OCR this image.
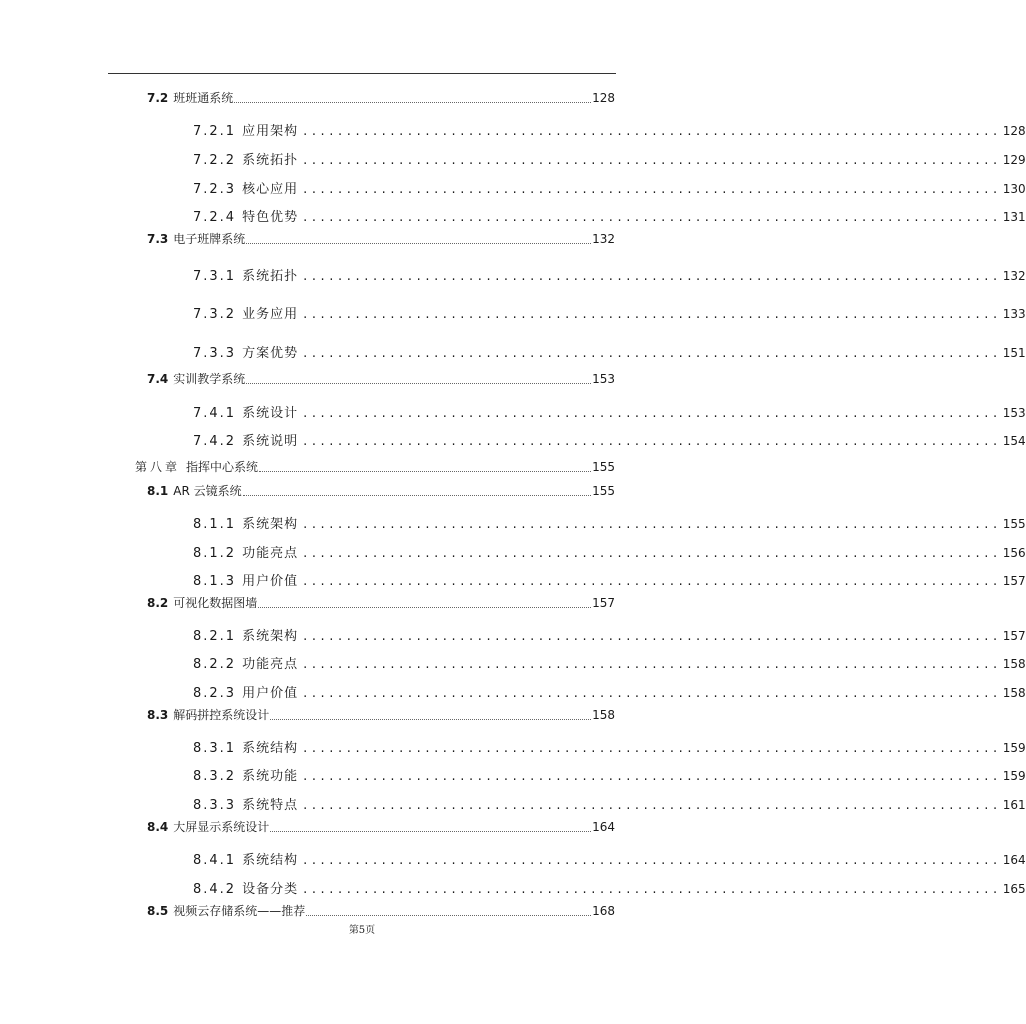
7.2 班班通系统	128
7.2.1 应用架构 ................................................................................ 128
7.2.2 系统拓扑 ................................................................................ 129
7.2.3 核心应用 ................................................................................ 130
7.2.4 特色优势 ................................................................................ 131
7.3 电子班牌系统	132
7.3.1 系统拓扑 ................................................................................ 132
7.3.2 业务应用 ................................................................................ 133
7.3.3 方案优势 ................................................................................ 151
7.4 实训教学系统	153
7.4.1 系统设计 ................................................................................ 153
7.4.2 系统说明 ................................................................................ 154
第八章 指挥中心系统	155
8.1 AR 云镜系统	155
8.1.1 系统架构 ................................................................................ 155
8.1.2 功能亮点 ................................................................................ 156
8.1.3 用户价值 ................................................................................ 157
8.2 可视化数据图墙	157
8.2.1 系统架构 ................................................................................ 157
8.2.2 功能亮点 ................................................................................ 158
8.2.3 用户价值 ................................................................................ 158
8.3 解码拼控系统设计	158
8.3.1 系统结构 ................................................................................ 159
8.3.2 系统功能 ................................................................................ 159
8.3.3 系统特点 ................................................................................ 161
8.4 大屏显示系统设计	164
8.4.1 系统结构 ................................................................................ 164
8.4.2 设备分类 ................................................................................ 165
8.5 视频云存储系统——推荐	168
第5页
